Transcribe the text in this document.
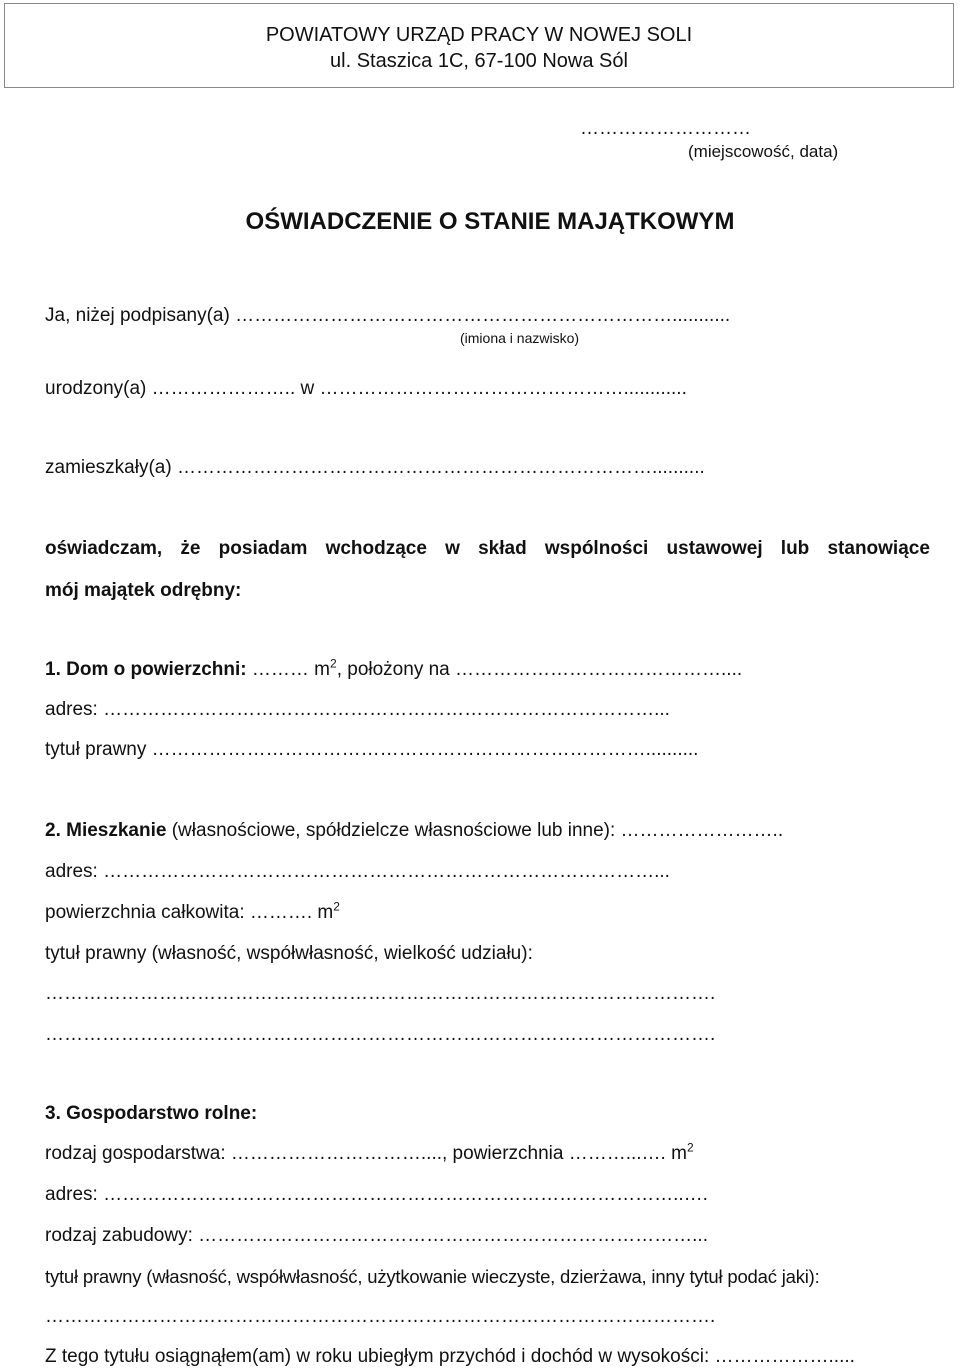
POWIATOWY URZĄD PRACY W NOWEJ SOLI
ul. Staszica 1C, 67-100 Nowa Sól
………………………
(miejscowość, data)
OŚWIADCZENIE O STANIE MAJĄTKOWYM
Ja, niżej podpisany(a) ……………………………………………………………...........
(imiona i nazwisko)
urodzony(a) ………………….. w …………………………………………............
zamieszkały(a) …………………………………………………………………..........
oświadczam, że posiadam wchodzące w skład wspólności ustawowej lub stanowiące
mój majątek odrębny:
1. Dom o powierzchni: ……… $m^2$, położony na ……………………………………....
adres: ……………………………………………………………………………...
tytuł prawny ……………………………………………………………………..........
2. Mieszkanie (własnościowe, spółdzielcze własnościowe lub inne): ……………………..
adres: ……………………………………………………………………………...
powierzchnia całkowita: ………. $m^2$
tytuł prawny (własność, współwłasność, wielkość udziału):
…………………………………………………………………………………………….
…………………………………………………………………………………………….
3. Gospodarstwo rolne:
rodzaj gospodarstwa: …………………………...., powierzchnia ………...…. $m^2$
adres: ………………………………………………………………………………..….
rodzaj zabudowy: ……………………………………………………………………...
tytuł prawny (własność, współwłasność, użytkowanie wieczyste, dzierżawa, inny tytuł podać jaki):
…………………………………………………………………………………………….
Z tego tytułu osiągnąłem(am) w roku ubiegłym przychód i dochód w wysokości: ……………….....
